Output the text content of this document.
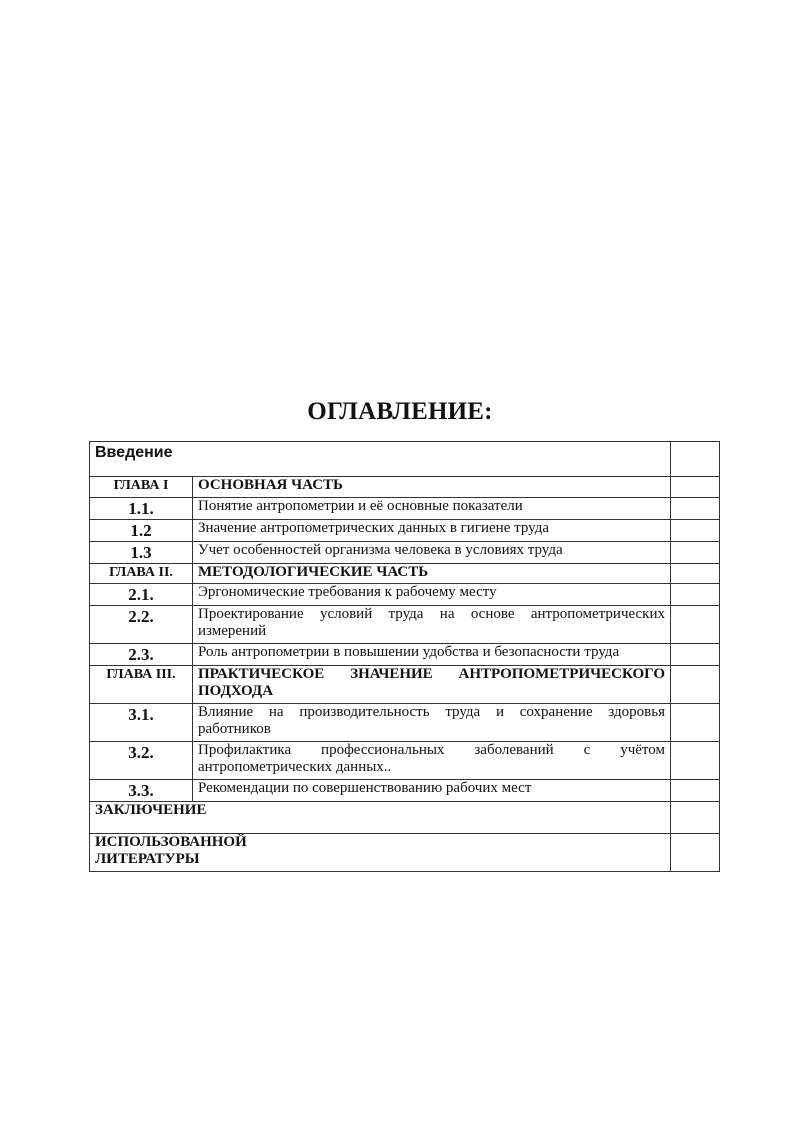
ОГЛАВЛЕНИЕ:
Введение		
ГЛАВА I	ОСНОВНАЯ ЧАСТЬ	
1.1.	Понятие антропометрии и её основные показатели	
1.2	Значение антропометрических данных в гигиене труда	
1.3	Учет особенностей организма человека в условиях труда	
ГЛАВА II.	МЕТОДОЛОГИЧЕСКИЕ ЧАСТЬ	
2.1.	Эргономические требования к рабочему месту	
2.2.	Проектирование условий труда на основе антропометрических измерений	
2.3.	Роль антропометрии в повышении удобства и безопасности труда	
ГЛАВА III.	ПРАКТИЧЕСКОЕ ЗНАЧЕНИЕ АНТРОПОМЕТРИЧЕСКОГО ПОДХОДА	
3.1.	Влияние на производительность труда и сохранение здоровья работников	
3.2.	Профилактика профессиональных заболеваний с учётом антропометрических данных..	
3.3.	Рекомендации по совершенствованию рабочих мест	
ЗАКЛЮЧЕНИЕ		
ИСПОЛЬЗОВАННОЙ ЛИТЕРАТУРЫ		
